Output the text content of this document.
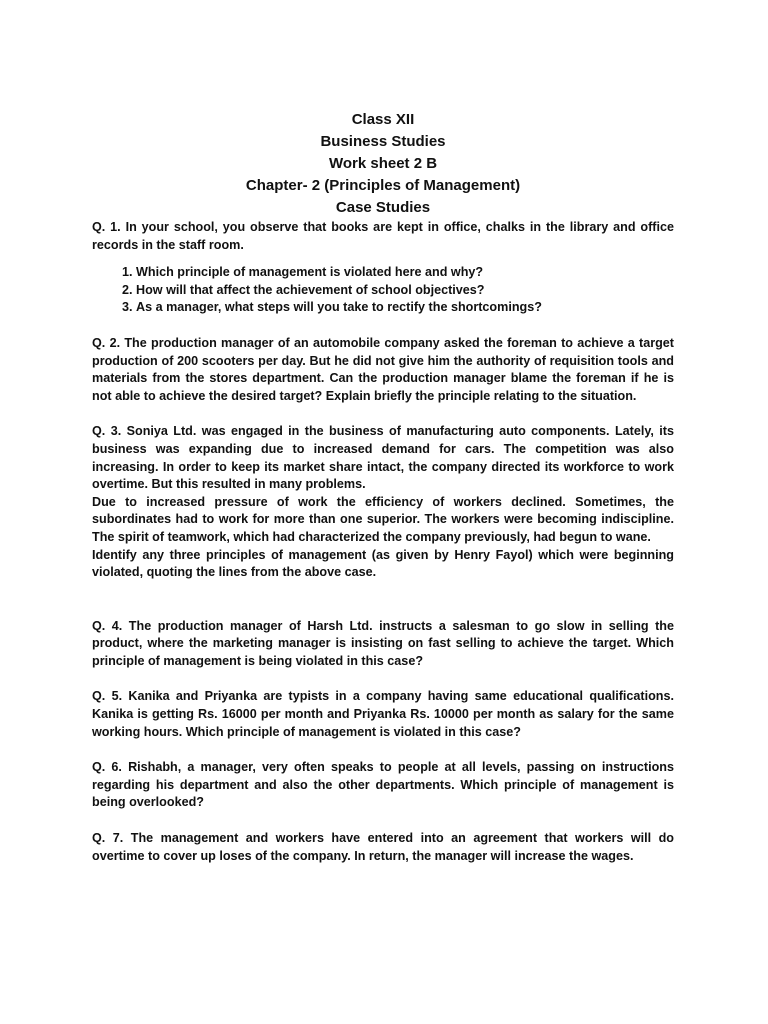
Class XII
Business Studies
Work sheet 2 B
Chapter- 2 (Principles of Management)
Case Studies

Q. 1. In your school, you observe that books are kept in office, chalks in the library and office records in the staff room.

1. Which principle of management is violated here and why?
2. How will that affect the achievement of school objectives?
3. As a manager, what steps will you take to rectify the shortcomings?

Q. 2. The production manager of an automobile company asked the foreman to achieve a target production of 200 scooters per day. But he did not give him the authority of requisition tools and materials from the stores department. Can the production manager blame the foreman if he is not able to achieve the desired target? Explain briefly the principle relating to the situation.

Q. 3. Soniya Ltd. was engaged in the business of manufacturing auto components. Lately, its business was expanding due to increased demand for cars. The competition was also increasing. In order to keep its market share intact, the company directed its workforce to work overtime. But this resulted in many problems.

Due to increased pressure of work the efficiency of workers declined. Sometimes, the subordinates had to work for more than one superior. The workers were becoming indiscipline. The spirit of teamwork, which had characterized the company previously, had begun to wane.

Identify any three principles of management (as given by Henry Fayol) which were beginning violated, quoting the lines from the above case.

Q. 4. The production manager of Harsh Ltd. instructs a salesman to go slow in selling the product, where the marketing manager is insisting on fast selling to achieve the target. Which principle of management is being violated in this case?

Q. 5. Kanika and Priyanka are typists in a company having same educational qualifications. Kanika is getting Rs. 16000 per month and Priyanka Rs. 10000 per month as salary for the same working hours. Which principle of management is violated in this case?

Q. 6. Rishabh, a manager, very often speaks to people at all levels, passing on instructions regarding his department and also the other departments. Which principle of management is being overlooked?

Q. 7. The management and workers have entered into an agreement that workers will do overtime to cover up loses of the company. In return, the manager will increase the wages.
